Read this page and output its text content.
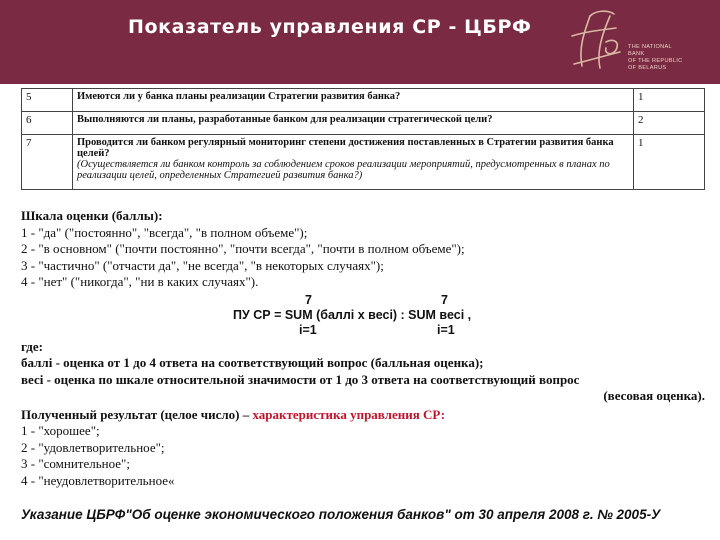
Показатель управления СР - ЦБРФ
THE NATIONAL
BANK
OF THE REPUBLIC
OF BELARUS
5	Имеются ли у банка планы реализации Стратегии развития банка?	1
6	Выполняются ли планы, разработанные банком для реализации стратегической цели?	2
7	Проводится ли банком регулярный мониторинг степени достижения поставленных в Стратегии развития банка целей?
(Осуществляется ли банком контроль за соблюдением сроков реализации мероприятий, предусмотренных в планах по реализации целей, определенных Стратегией развития банка?)	1
Шкала оценки (баллы):
1 - "да" ("постоянно", "всегда", "в полном объеме");
2 - "в основном" ("почти постоянно", "почти всегда", "почти в полном объеме");
3 - "частично" ("отчасти да", "не всегда", "в некоторых случаях");
4 - "нет" ("никогда", "ни в каких случаях").
7	7
ПУ СР = SUM (баллі x весі) : SUM весі ,
і=1	і=1
где:
баллі - оценка от 1 до 4 ответа на соответствующий вопрос (балльная оценка);
весі - оценка по шкале относительной значимости от 1 до 3 ответа на соответствующий вопрос
(весовая оценка).
Полученный результат (целое число) – характеристика управления СР:
1 - "хорошее";
2 - "удовлетворительное";
3 - "сомнительное";
4 - "неудовлетворительное«
Указание ЦБРФ"Об оценке экономического положения банков" от 30 апреля 2008 г. № 2005-У
